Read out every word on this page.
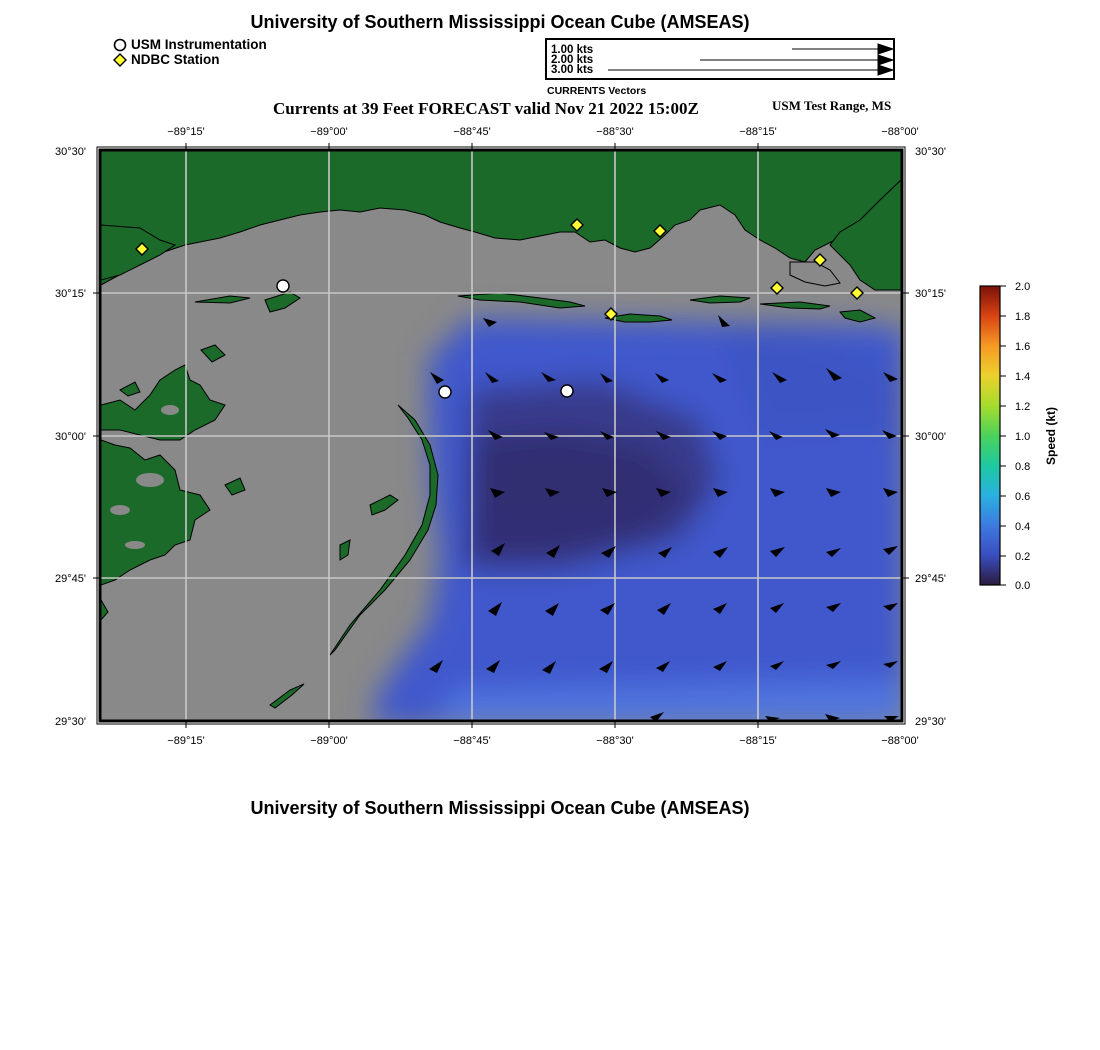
University of Southern Mississippi Ocean Cube (AMSEAS)
USM Instrumentation
NDBC Station
1.00 kts
2.00 kts
3.00 kts
CURRENTS Vectors
Currents at 39 Feet FORECAST valid Nov 21 2022 15:00Z	USM Test Range, MS
−89°15'	−89°00'	−88°45'	−88°30'	−88°15'	−88°00'
−89°15'	−89°00'	−88°45'	−88°30'	−88°15'	−88°00'
30°30'
30°15'
30°00'
29°45'
29°30'
30°30'
30°15'
30°00'
29°45'
29°30'
2.0
1.8
1.6
1.4
1.2
1.0
0.8
0.6
0.4
0.2
0.0
Speed (kt)
University of Southern Mississippi Ocean Cube (AMSEAS)
